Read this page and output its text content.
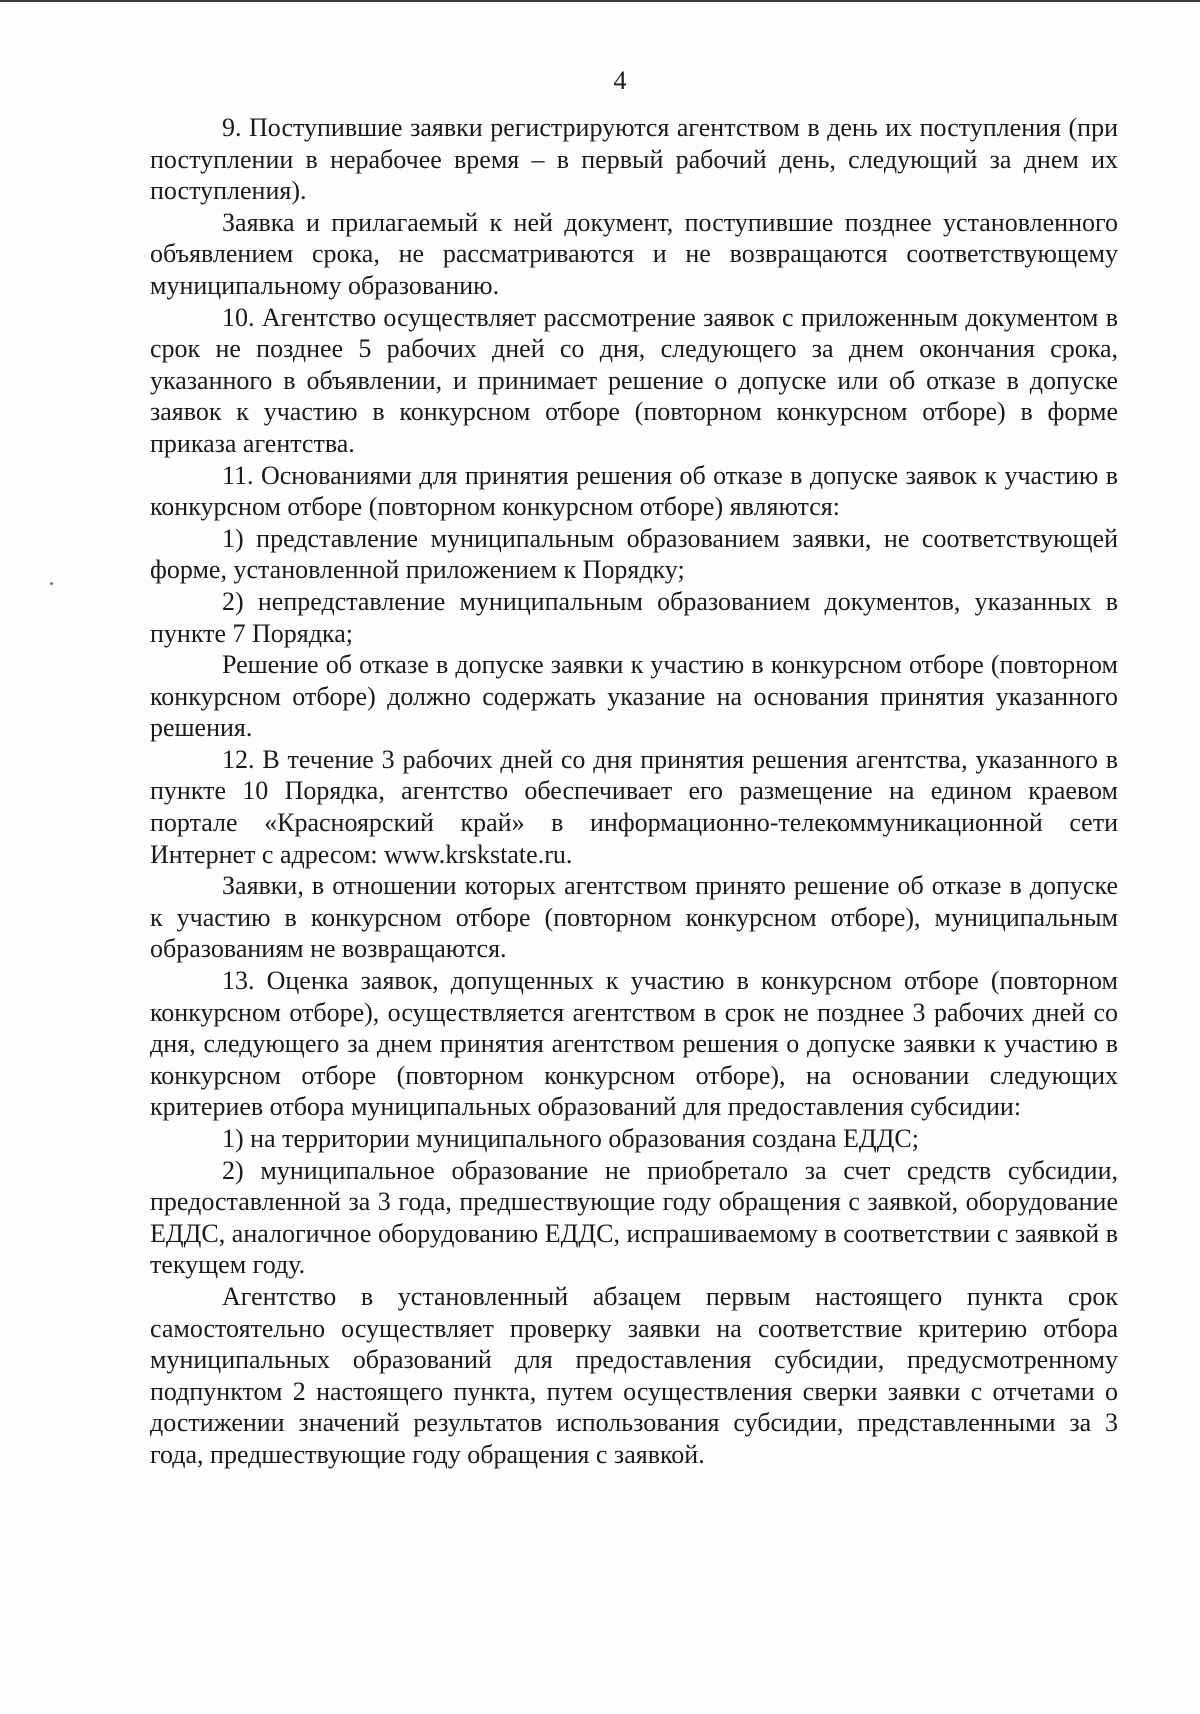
4

9. Поступившие заявки регистрируются агентством в день их поступления (при поступлении в нерабочее время – в первый рабочий день, следующий за днем их поступления).

Заявка и прилагаемый к ней документ, поступившие позднее установленного объявлением срока, не рассматриваются и не возвращаются соответствующему муниципальному образованию.

10. Агентство осуществляет рассмотрение заявок с приложенным документом в срок не позднее 5 рабочих дней со дня, следующего за днем окончания срока, указанного в объявлении, и принимает решение о допуске или об отказе в допуске заявок к участию в конкурсном отборе (повторном конкурсном отборе) в форме приказа агентства.

11. Основаниями для принятия решения об отказе в допуске заявок к участию в конкурсном отборе (повторном конкурсном отборе) являются:

1) представление муниципальным образованием заявки, не соответствующей форме, установленной приложением к Порядку;

2) непредставление муниципальным образованием документов, указанных в пункте 7 Порядка;

Решение об отказе в допуске заявки к участию в конкурсном отборе (повторном конкурсном отборе) должно содержать указание на основания принятия указанного решения.

12. В течение 3 рабочих дней со дня принятия решения агентства, указанного в пункте 10 Порядка, агентство обеспечивает его размещение на едином краевом портале «Красноярский край» в информационно-телекоммуникационной сети Интернет с адресом: www.krskstate.ru.

Заявки, в отношении которых агентством принято решение об отказе в допуске к участию в конкурсном отборе (повторном конкурсном отборе), муниципальным образованиям не возвращаются.

13. Оценка заявок, допущенных к участию в конкурсном отборе (повторном конкурсном отборе), осуществляется агентством в срок не позднее 3 рабочих дней со дня, следующего за днем принятия агентством решения о допуске заявки к участию в конкурсном отборе (повторном конкурсном отборе), на основании следующих критериев отбора муниципальных образований для предоставления субсидии:

1) на территории муниципального образования создана ЕДДС;

2) муниципальное образование не приобретало за счет средств субсидии, предоставленной за 3 года, предшествующие году обращения с заявкой, оборудование ЕДДС, аналогичное оборудованию ЕДДС, испрашиваемому в соответствии с заявкой в текущем году.

Агентство в установленный абзацем первым настоящего пункта срок самостоятельно осуществляет проверку заявки на соответствие критерию отбора муниципальных образований для предоставления субсидии, предусмотренному подпунктом 2 настоящего пункта, путем осуществления сверки заявки с отчетами о достижении значений результатов использования субсидии, представленными за 3 года, предшествующие году обращения с заявкой.
